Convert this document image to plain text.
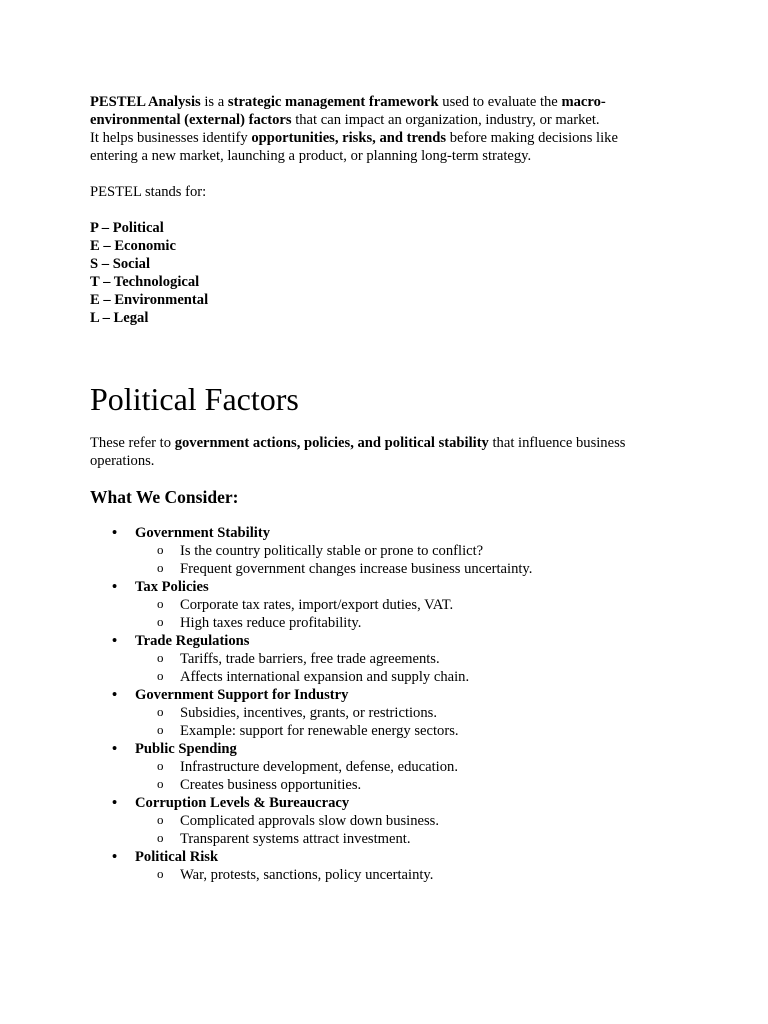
PESTEL Analysis is a strategic management framework used to evaluate the macro-

environmental (external) factors that can impact an organization, industry, or market.

It helps businesses identify opportunities, risks, and trends before making decisions like

entering a new market, launching a product, or planning long-term strategy.

PESTEL stands for:

P – Political
E – Economic
S – Social
T – Technological
E – Environmental
L – Legal
Political Factors

These refer to government actions, policies, and political stability that influence business
operations.

What We Consider:
• Government Stability
o Is the country politically stable or prone to conflict?
o Frequent government changes increase business uncertainty.
• Tax Policies
o Corporate tax rates, import/export duties, VAT.
o High taxes reduce profitability.
• Trade Regulations
o Tariffs, trade barriers, free trade agreements.
o Affects international expansion and supply chain.
• Government Support for Industry
o Subsidies, incentives, grants, or restrictions.
o Example: support for renewable energy sectors.
• Public Spending
o Infrastructure development, defense, education.
o Creates business opportunities.
• Corruption Levels & Bureaucracy
o Complicated approvals slow down business.
o Transparent systems attract investment.
• Political Risk
o War, protests, sanctions, policy uncertainty.
